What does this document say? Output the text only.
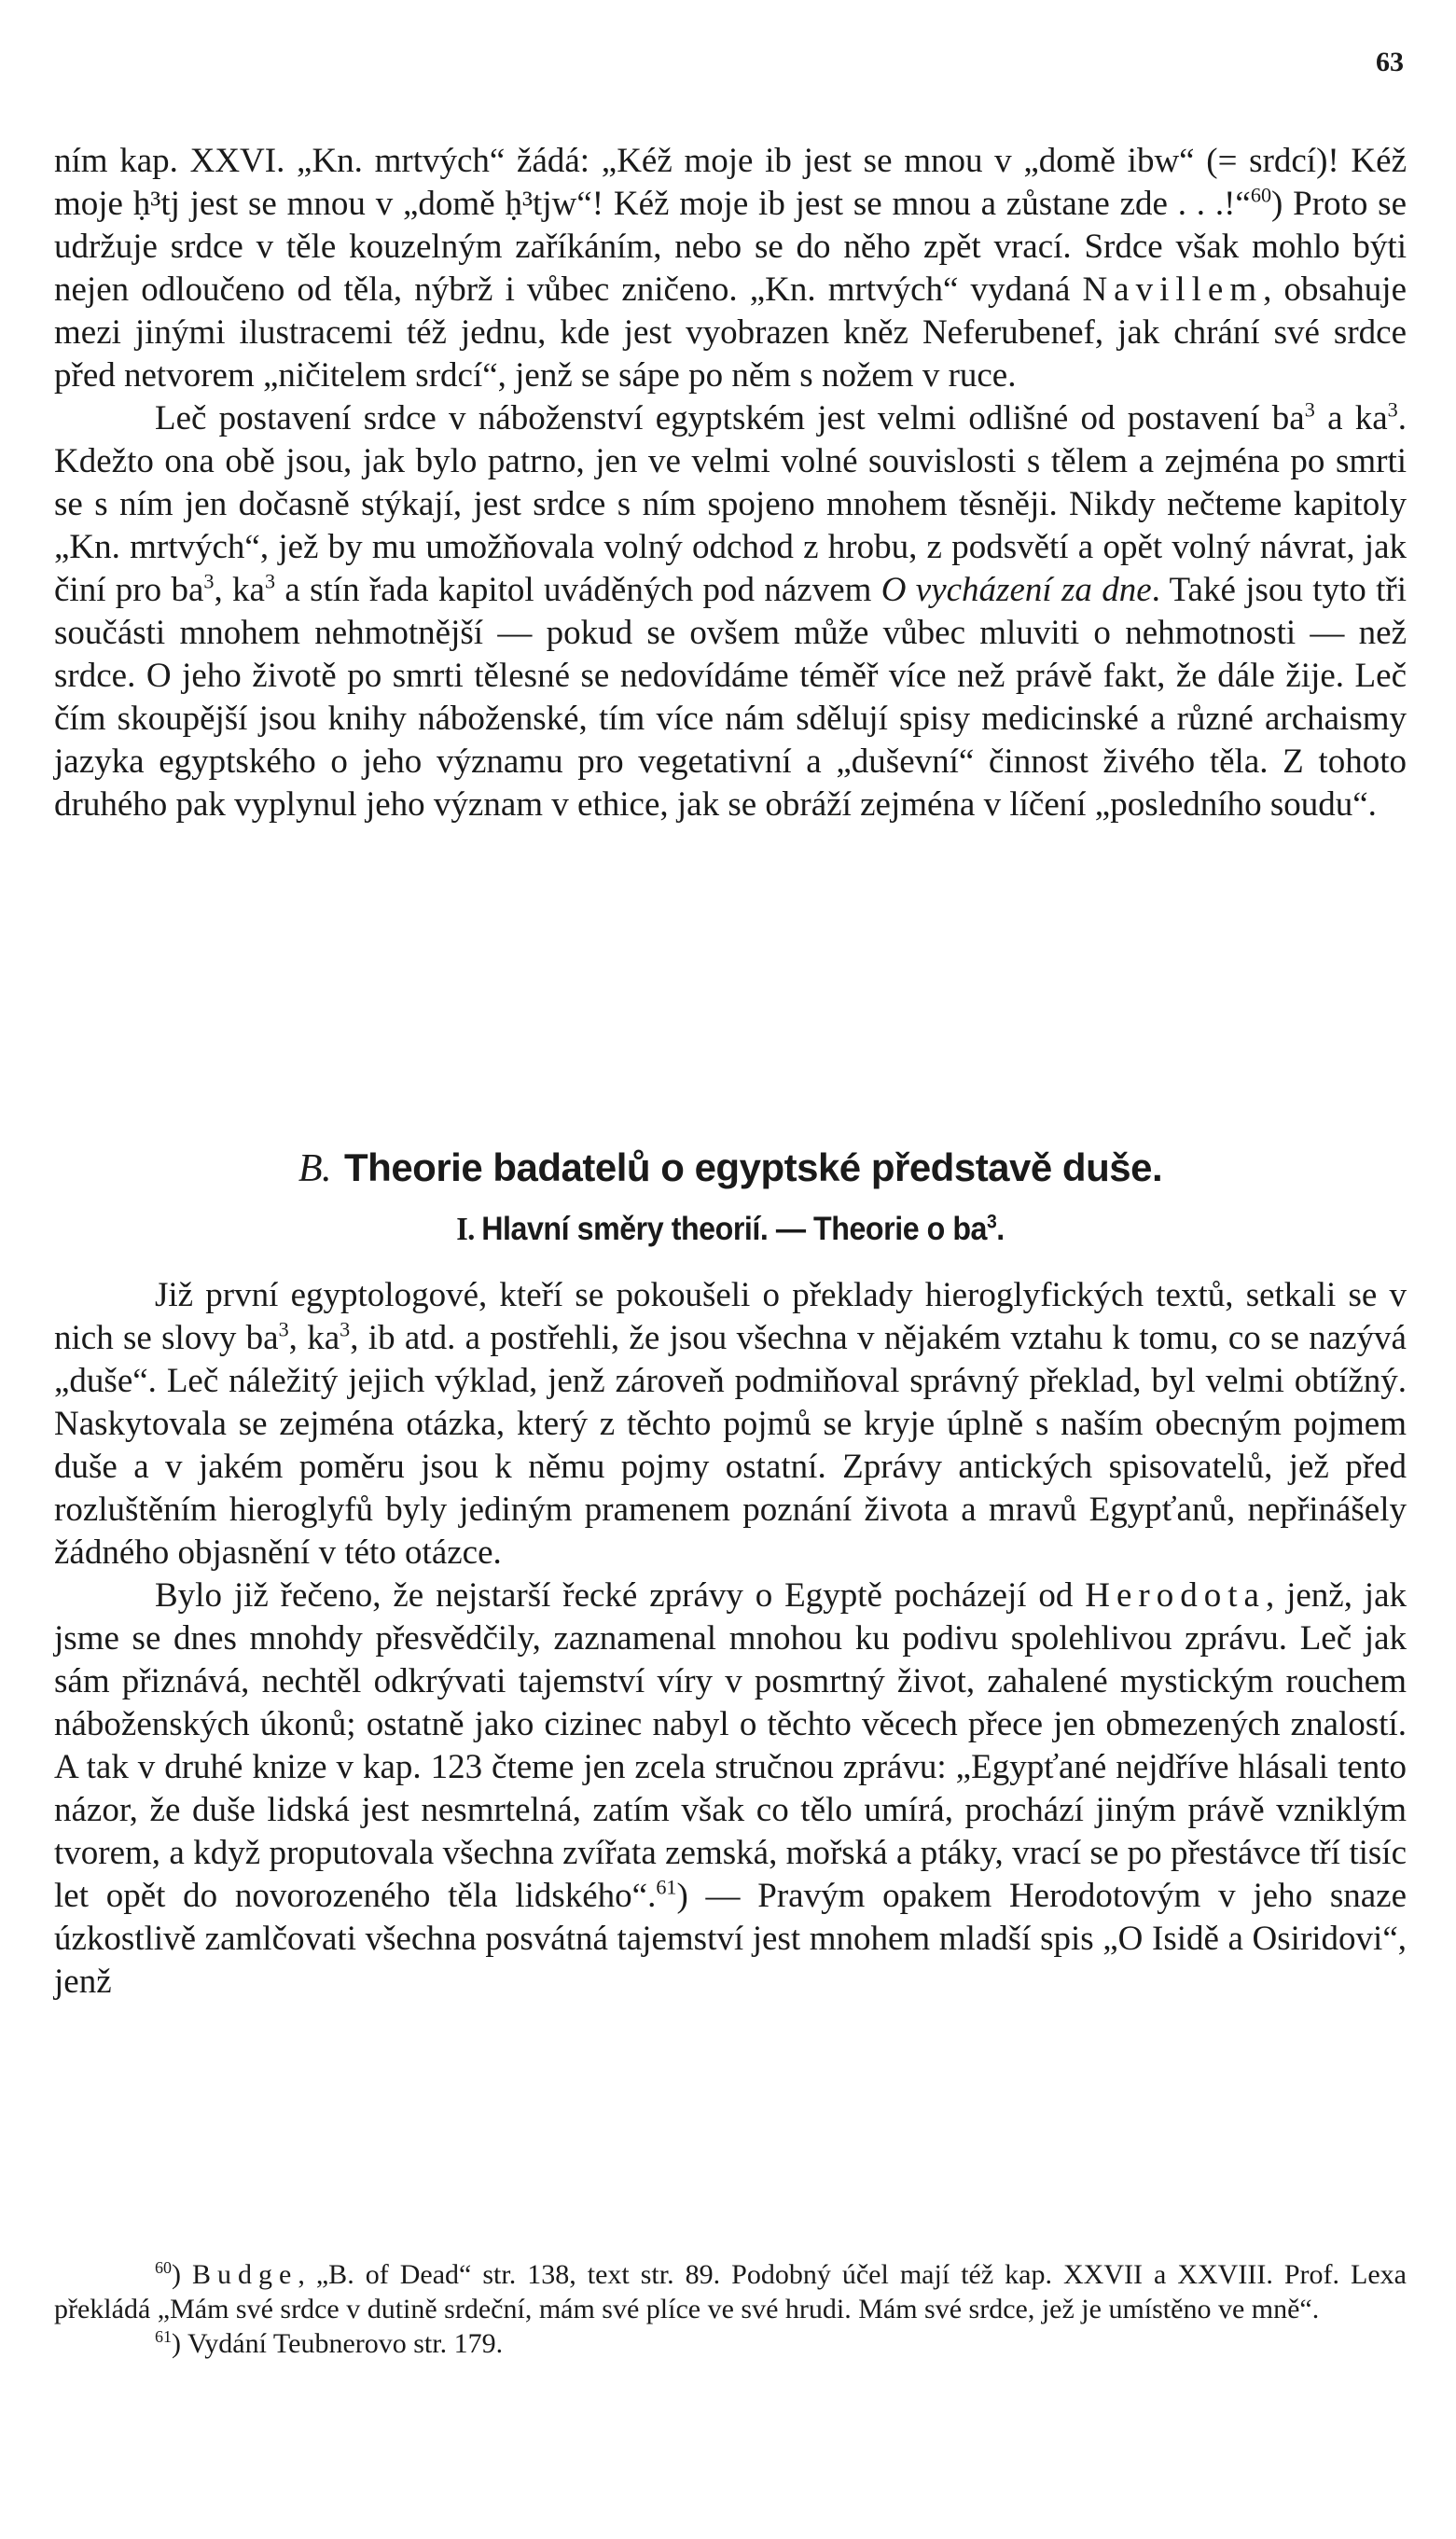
63

ním kap. XXVI. „Kn. mrtvých“ žádá: „Kéž moje ib jest se mnou v „domě ibw“ (= srdcí)! Kéž moje ḥ³tj jest se mnou v „domě ḥ³tjw“! Kéž moje ib jest se mnou a zůstane zde . . .!“$^{60}$) Proto se udržuje srdce v těle kouzelným zaříkáním, nebo se do něho zpět vrací. Srdce však mohlo býti nejen odloučeno od těla, nýbrž i vůbec zničeno. „Kn. mrtvých“ vydaná Navillem, obsahuje mezi jinými ilustracemi též jednu, kde jest vyobrazen kněz Neferubenef, jak chrání své srdce před netvorem „ničitelem srdcí“, jenž se sápe po něm s nožem v ruce.

Leč postavení srdce v náboženství egyptském jest velmi odlišné od postavení $ba^3$ a $ka^3$. Kdežto ona obě jsou, jak bylo patrno, jen ve velmi volné souvislosti s tělem a zejména po smrti se s ním jen dočasně stýkají, jest srdce s ním spojeno mnohem těsněji. Nikdy nečteme kapitoly „Kn. mrtvých“, jež by mu umožňovala volný odchod z hrobu, z podsvětí a opět volný návrat, jak činí pro $ba^3$, $ka^3$ a stín řada kapitol uváděných pod názvem O vycházení za dne. Také jsou tyto tři součásti mnohem nehmotnější — pokud se ovšem může vůbec mluviti o nehmotnosti — než srdce. O jeho životě po smrti tělesné se nedovídáme téměř více než právě fakt, že dále žije. Leč čím skoupější jsou knihy náboženské, tím více nám sdělují spisy medicinské a různé archaismy jazyka egyptského o jeho významu pro vegetativní a „duševní“ činnost živého těla. Z tohoto druhého pak vyplynul jeho význam v ethice, jak se obráží zejména v líčení „posledního soudu“.

B. Theorie badatelů o egyptské představě duše.
I. Hlavní směry theorií. — Theorie o $ba^3$.

Již první egyptologové, kteří se pokoušeli o překlady hieroglyfických textů, setkali se v nich se slovy $ba^3$, $ka^3$, ib atd. a postřehli, že jsou všechna v nějakém vztahu k tomu, co se nazývá „duše“. Leč náležitý jejich výklad, jenž zároveň podmiňoval správný překlad, byl velmi obtížný. Naskytovala se zejména otázka, který z těchto pojmů se kryje úplně s naším obecným pojmem duše a v jakém poměru jsou k němu pojmy ostatní. Zprávy antických spisovatelů, jež před rozluštěním hieroglyfů byly jediným pramenem poznání života a mravů Egypťanů, nepřinášely žádného objasnění v této otázce.

Bylo již řečeno, že nejstarší řecké zprávy o Egyptě pocházejí od Herodota, jenž, jak jsme se dnes mnohdy přesvědčily, zaznamenal mnohou ku podivu spolehlivou zprávu. Leč jak sám přiznává, nechtěl odkrývati tajemství víry v posmrtný život, zahalené mystickým rouchem náboženských úkonů; ostatně jako cizinec nabyl o těchto věcech přece jen obmezených znalostí. A tak v druhé knize v kap. 123 čteme jen zcela stručnou zprávu: „Egypťané nejdříve hlásali tento názor, že duše lidská jest nesmrtelná, zatím však co tělo umírá, prochází jiným právě vzniklým tvorem, a když proputovala všechna zvířata zemská, mořská a ptáky, vrací se po přestávce tří tisíc let opět do novorozeného těla lidského“.$^{61}$) — Pravým opakem Herodotovým v jeho snaze úzkostlivě zamlčovati všechna posvátná tajemství jest mnohem mladší spis „O Isidě a Osiridovi“, jenž

$^{60}$) Budge, „B. of Dead“ str. 138, text str. 89. Podobný účel mají též kap. XXVII a XXVIII. Prof. Lexa překládá „Mám své srdce v dutině srdeční, mám své plíce ve své hrudi. Mám své srdce, jež je umístěno ve mně“.

$^{61}$) Vydání Teubnerovo str. 179.
